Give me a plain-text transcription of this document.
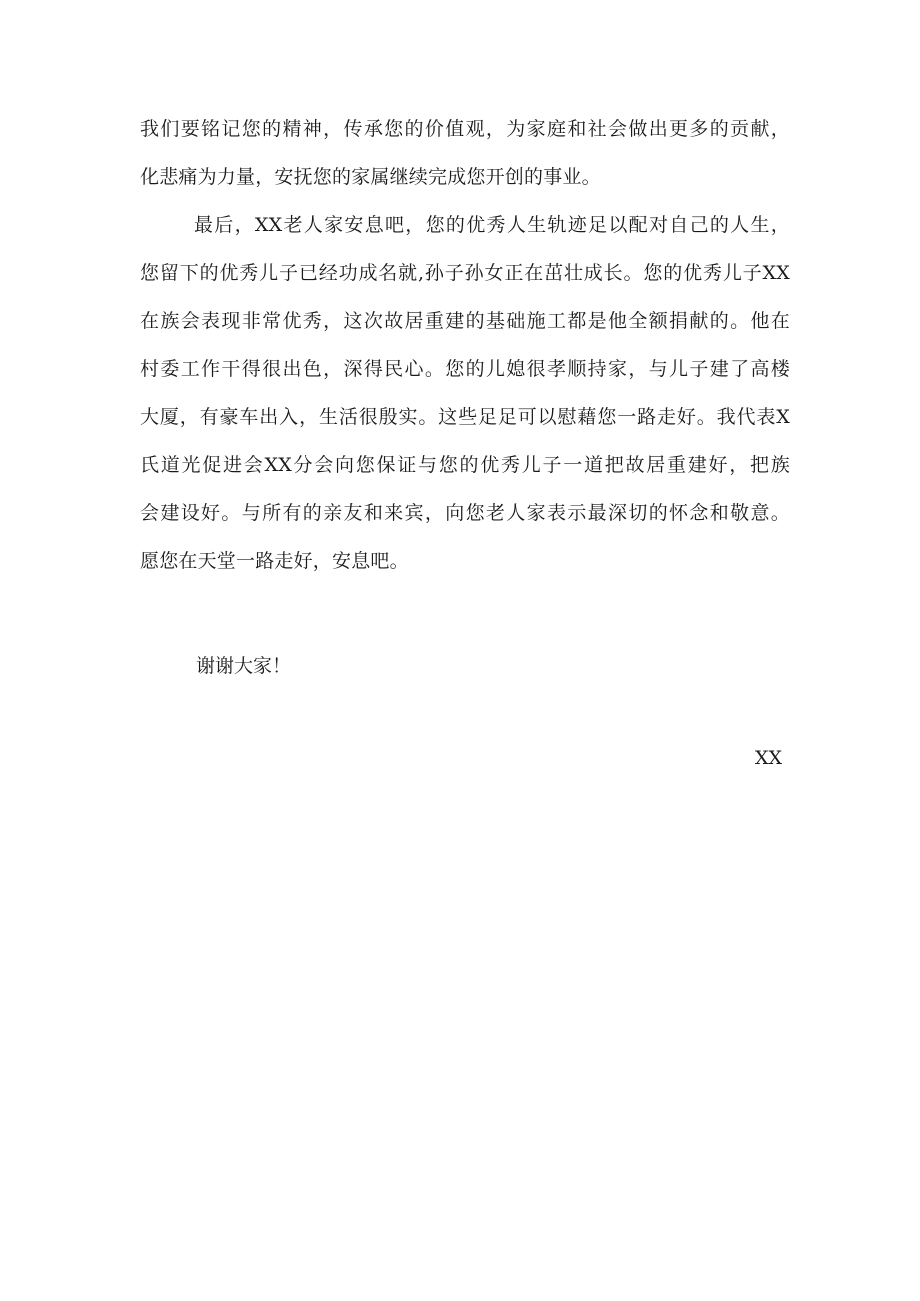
我们要铭记您的精神，传承您的价值观，为家庭和社会做出更多的贡献，
化悲痛为力量，安抚您的家属继续完成您开创的事业。
最后，XX老人家安息吧，您的优秀人生轨迹足以配对自己的人生，
您留下的优秀儿子已经功成名就,孙子孙女正在茁壮成长。您的优秀儿子XX
在族会表现非常优秀，这次故居重建的基础施工都是他全额捐献的。他在
村委工作干得很出色，深得民心。您的儿媳很孝顺持家，与儿子建了高楼
大厦，有豪车出入，生活很殷实。这些足足可以慰藉您一路走好。我代表X
氏道光促进会XX分会向您保证与您的优秀儿子一道把故居重建好，把族
会建设好。与所有的亲友和来宾，向您老人家表示最深切的怀念和敬意。
愿您在天堂一路走好，安息吧。
谢谢大家！
XX
